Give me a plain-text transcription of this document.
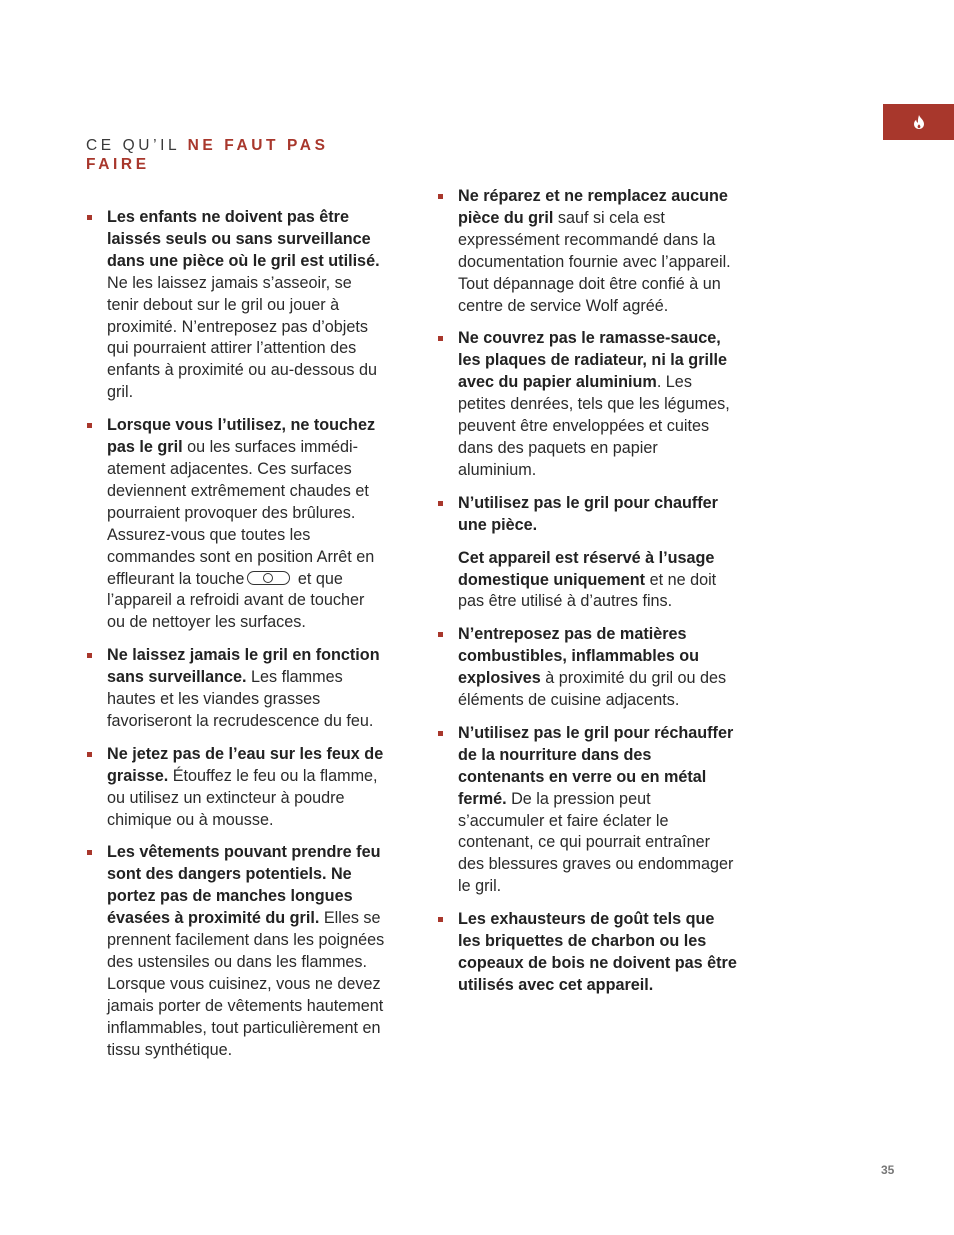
CE QU’IL NE FAUT PAS FAIRE

Les enfants ne doivent pas être laissés seuls ou sans surveillance dans une pièce où le gril est utilisé. Ne les laissez jamais s’asseoir, se tenir debout sur le gril ou jouer à proximité. N’entreposez pas d’objets qui pourraient attirer l’attention des enfants à proximité ou au-dessous du gril.

Lorsque vous l’utilisez, ne touchez pas le gril ou les surfaces immédiatement adjacentes. Ces surfaces deviennent extrêmement chaudes et pourraient provoquer des brûlures. Assurez-vous que toutes les commandes sont en position Arrêt en effleurant la touche	et que l’appareil a refroidi avant de toucher ou de nettoyer les surfaces.

Ne laissez jamais le gril en fonction sans surveillance. Les flammes hautes et les viandes grasses favoriseront la recrudescence du feu.

Ne jetez pas de l’eau sur les feux de graisse. Étouffez le feu ou la flamme, ou utilisez un extincteur à poudre chimique ou à mousse.

Les vêtements pouvant prendre feu sont des dangers potentiels. Ne portez pas de manches longues évasées à proximité du gril. Elles se prennent facilement dans les poignées des ustensiles ou dans les flammes. Lorsque vous cuisinez, vous ne devez jamais porter de vêtements hautement inflammables, tout particulièrement en tissu synthétique.

Ne réparez et ne remplacez aucune pièce du gril sauf si cela est expressément recommandé dans la documentation fournie avec l’appareil. Tout dépannage doit être confié à un centre de service Wolf agréé.

Ne couvrez pas le ramasse-sauce, les plaques de radiateur, ni la grille avec du papier aluminium. Les petites denrées, tels que les légumes, peuvent être enveloppées et cuites dans des paquets en papier aluminium.

N’utilisez pas le gril pour chauffer une pièce.

Cet appareil est réservé à l’usage domestique uniquement et ne doit pas être utilisé à d’autres fins.

N’entreposez pas de matières combustibles, inflammables ou explosives à proximité du gril ou des éléments de cuisine adjacents.

N’utilisez pas le gril pour réchauffer de la nourriture dans des contenants en verre ou en métal fermé. De la pression peut s’accumuler et faire éclater le contenant, ce qui pourrait entraîner des blessures graves ou endommager le gril.

Les exhausteurs de goût tels que les briquettes de charbon ou les copeaux de bois ne doivent pas être utilisés avec cet appareil.

35
